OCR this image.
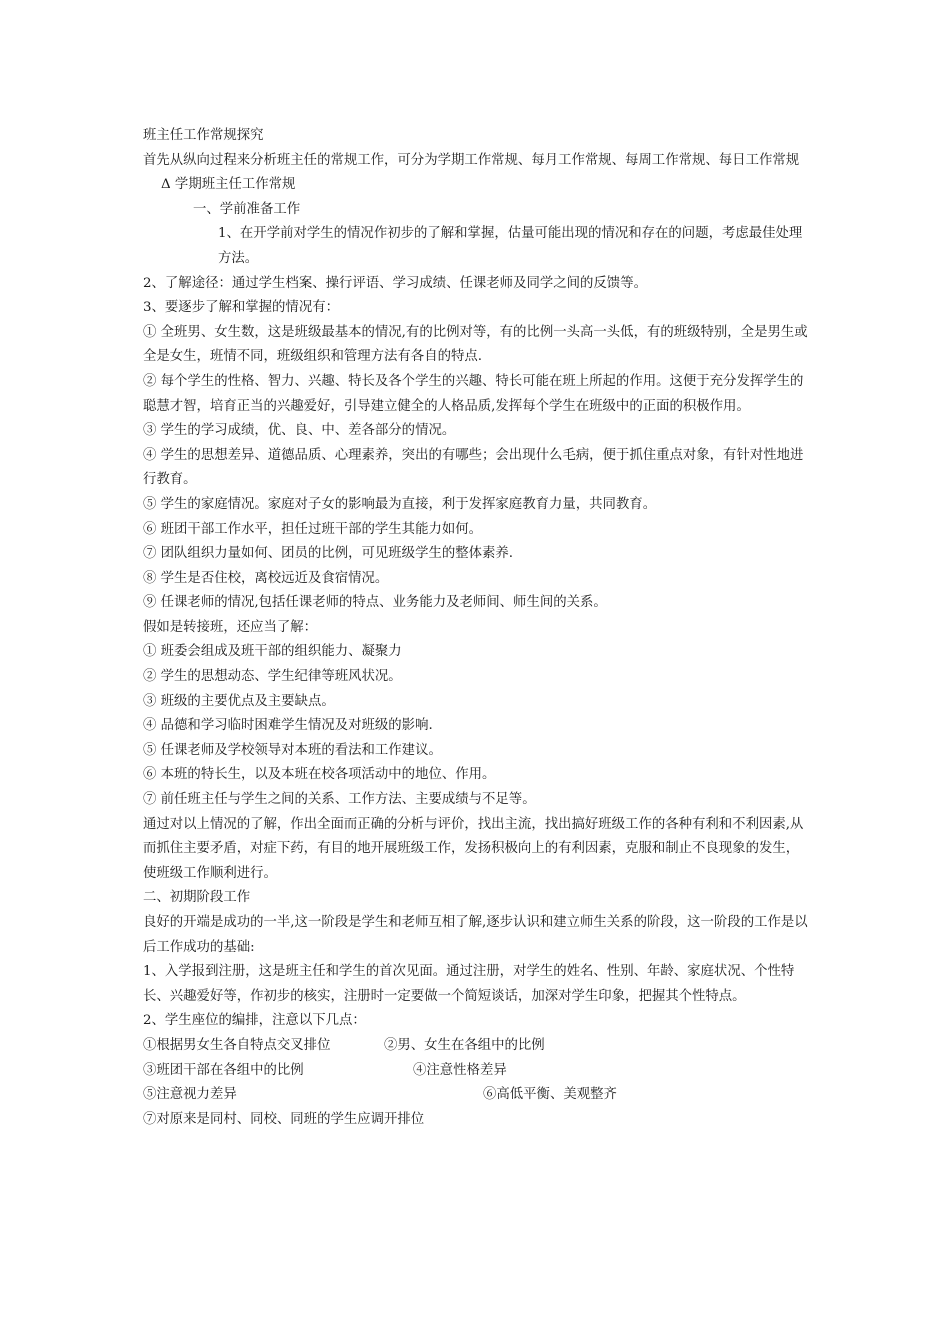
班主任工作常规探究

首先从纵向过程来分析班主任的常规工作，可分为学期工作常规、每月工作常规、每周工作常规、每日工作常规

Δ 学期班主任工作常规

一、学前准备工作

1、在开学前对学生的情况作初步的了解和掌握，估量可能出现的情况和存在的问题，考虑最佳处理方法。

2、了解途径：通过学生档案、操行评语、学习成绩、任课老师及同学之间的反馈等。

3、要逐步了解和掌握的情况有：

① 全班男、女生数，这是班级最基本的情况,有的比例对等，有的比例一头高一头低，有的班级特别，全是男生或全是女生，班情不同，班级组织和管理方法有各自的特点.

② 每个学生的性格、智力、兴趣、特长及各个学生的兴趣、特长可能在班上所起的作用。这便于充分发挥学生的聪慧才智，培育正当的兴趣爱好，引导建立健全的人格品质,发挥每个学生在班级中的正面的积极作用。

③ 学生的学习成绩，优、良、中、差各部分的情况。

④ 学生的思想差异、道德品质、心理素养，突出的有哪些；会出现什么毛病，便于抓住重点对象，有针对性地进行教育。

⑤ 学生的家庭情况。家庭对子女的影响最为直接，利于发挥家庭教育力量，共同教育。

⑥ 班团干部工作水平，担任过班干部的学生其能力如何。

⑦ 团队组织力量如何、团员的比例，可见班级学生的整体素养.

⑧ 学生是否住校，离校远近及食宿情况。

⑨ 任课老师的情况,包括任课老师的特点、业务能力及老师间、师生间的关系。

假如是转接班，还应当了解：

① 班委会组成及班干部的组织能力、凝聚力

② 学生的思想动态、学生纪律等班风状况。

③ 班级的主要优点及主要缺点。

④ 品德和学习临时困难学生情况及对班级的影响.

⑤ 任课老师及学校领导对本班的看法和工作建议。

⑥ 本班的特长生，以及本班在校各项活动中的地位、作用。

⑦ 前任班主任与学生之间的关系、工作方法、主要成绩与不足等。

通过对以上情况的了解，作出全面而正确的分析与评价，找出主流，找出搞好班级工作的各种有利和不利因素,从而抓住主要矛盾，对症下药，有目的地开展班级工作，发扬积极向上的有利因素，克服和制止不良现象的发生，使班级工作顺利进行。

二、初期阶段工作

良好的开端是成功的一半,这一阶段是学生和老师互相了解,逐步认识和建立师生关系的阶段，这一阶段的工作是以后工作成功的基础:

1、入学报到注册，这是班主任和学生的首次见面。通过注册，对学生的姓名、性别、年龄、家庭状况、个性特长、兴趣爱好等，作初步的核实，注册时一定要做一个简短谈话，加深对学生印象，把握其个性特点。

2、学生座位的编排，注意以下几点：

①根据男女生各自特点交叉排位	②男、女生在各组中的比例
③班团干部在各组中的比例	④注意性格差异
⑤注意视力差异	⑥高低平衡、美观整齐

⑦对原来是同村、同校、同班的学生应调开排位
